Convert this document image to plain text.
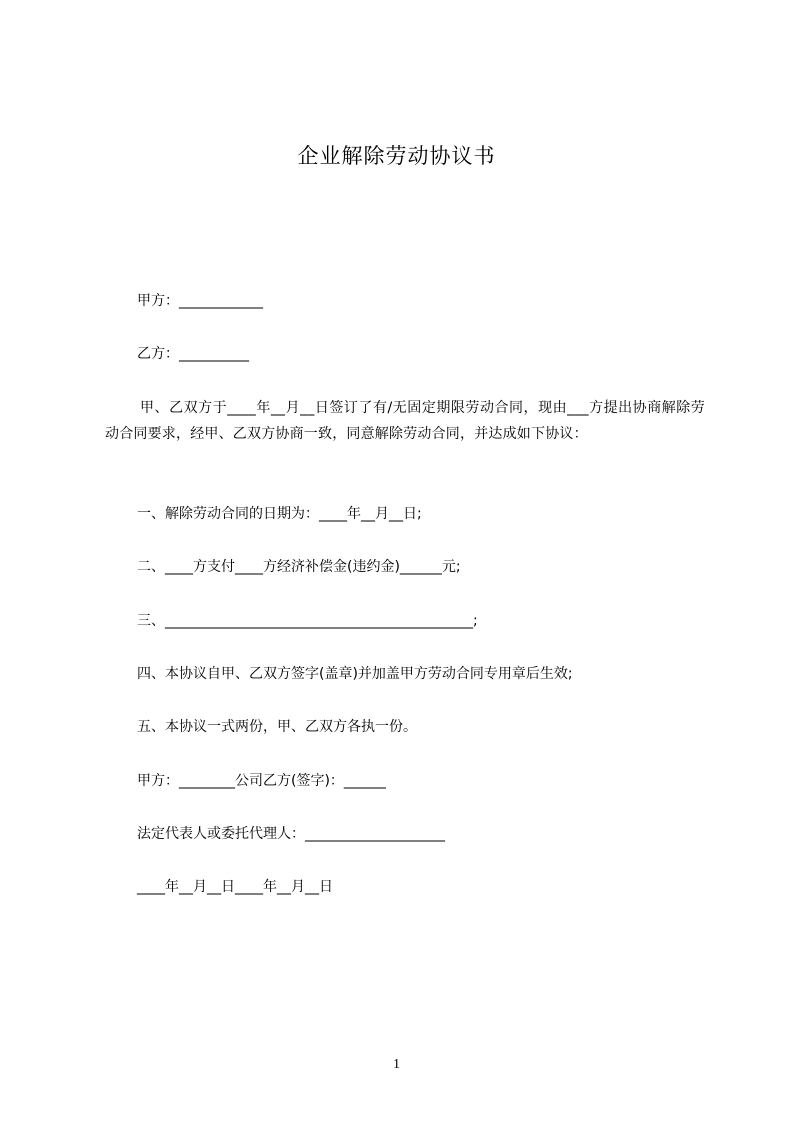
企业解除劳动协议书
甲方：____________
乙方：__________
甲、乙双方于____年__月__日签订了有/无固定期限劳动合同，现由___方提出协商解除劳动合同要求，经甲、乙双方协商一致，同意解除劳动合同，并达成如下协议：
一、解除劳动合同的日期为：____年__月__日;
二、____方支付____方经济补偿金(违约金)______元;
三、____________________________________________;
四、本协议自甲、乙双方签字(盖章)并加盖甲方劳动合同专用章后生效;
五、本协议一式两份，甲、乙双方各执一份。
甲方：________公司乙方(签字)：______
法定代表人或委托代理人：____________________
____年__月__日____年__月__日
1
